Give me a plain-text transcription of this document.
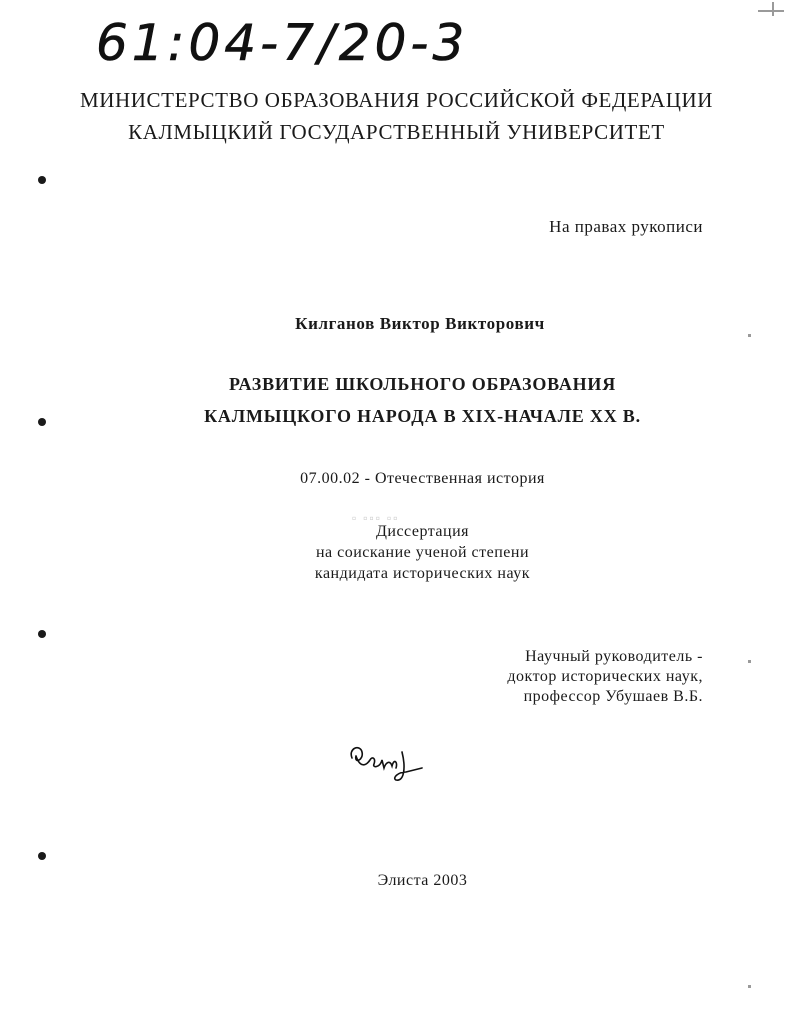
61:04-7/20-3
МИНИСТЕРСТВО ОБРАЗОВАНИЯ РОССИЙСКОЙ ФЕДЕРАЦИИ
КАЛМЫЦКИЙ ГОСУДАРСТВЕННЫЙ УНИВЕРСИТЕТ
На правах рукописи
Килганов Виктор Викторович
РАЗВИТИЕ ШКОЛЬНОГО ОБРАЗОВАНИЯ
КАЛМЫЦКОГО НАРОДА В XIX-НАЧАЛЕ XX В.
07.00.02 - Отечественная история
▫ ▫▫▫ ▫▫
Диссертация
на соискание ученой степени
кандидата исторических наук
Научный руководитель -
доктор исторических наук,
профессор Убушаев В.Б.
Элиста 2003
